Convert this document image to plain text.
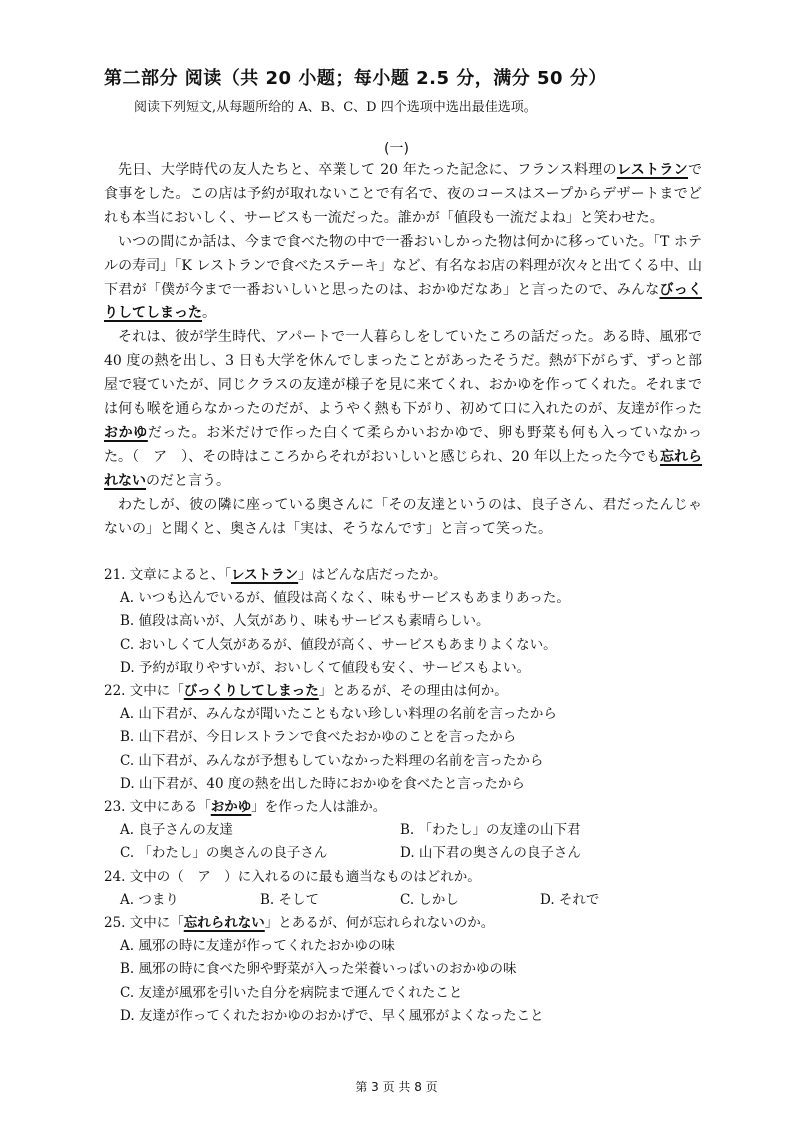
第二部分 阅读（共 20 小题；每小题 2.5 分，满分 50 分）
阅读下列短文,从每题所给的 A、B、C、D 四个选项中选出最佳选项。
(一)

先日、大学時代の友人たちと、卒業して 20 年たった記念に、フランス料理のレストランで食事をした。この店は予約が取れないことで有名で、夜のコースはスープからデザートまでどれも本当においしく、サービスも一流だった。誰かが「値段も一流だよね」と笑わせた。

いつの間にか話は、今まで食べた物の中で一番おいしかった物は何かに移っていた。「T ホテルの寿司」「K レストランで食べたステーキ」など、有名なお店の料理が次々と出てくる中、山下君が「僕が今まで一番おいしいと思ったのは、おかゆだなあ」と言ったので、みんなびっくりしてしまった。

それは、彼が学生時代、アパートで一人暮らしをしていたころの話だった。ある時、風邪で 40 度の熱を出し、3 日も大学を休んでしまったことがあったそうだ。熱が下がらず、ずっと部屋で寝ていたが、同じクラスの友達が様子を見に来てくれ、おかゆを作ってくれた。それまでは何も喉を通らなかったのだが、ようやく熱も下がり、初めて口に入れたのが、友達が作ったおかゆだった。お米だけで作った白くて柔らかいおかゆで、卵も野菜も何も入っていなかった。（　ア　）、その時はこころからそれがおいしいと感じられ、20 年以上たった今でも忘れられないのだと言う。

わたしが、彼の隣に座っている奥さんに「その友達というのは、良子さん、君だったんじゃないの」と聞くと、奥さんは「実は、そうなんです」と言って笑った。

21. 文章によると、「レストラン」はどんな店だったか。
A. いつも込んでいるが、値段は高くなく、味もサービスもあまりあった。
B. 値段は高いが、人気があり、味もサービスも素晴らしい。
C. おいしくて人気があるが、値段が高く、サービスもあまりよくない。
D. 予約が取りやすいが、おいしくて値段も安く、サービスもよい。
22. 文中に「びっくりしてしまった」とあるが、その理由は何か。
A. 山下君が、みんなが聞いたこともない珍しい料理の名前を言ったから
B. 山下君が、今日レストランで食べたおかゆのことを言ったから
C. 山下君が、みんなが予想もしていなかった料理の名前を言ったから
D. 山下君が、40 度の熱を出した時におかゆを食べたと言ったから
23. 文中にある「おかゆ」を作った人は誰か。
A. 良子さんの友達	B. 「わたし」の友達の山下君
C. 「わたし」の奥さんの良子さん	D. 山下君の奥さんの良子さん
24. 文中の（　ア　）に入れるのに最も適当なものはどれか。
A. つまり	B. そして	C. しかし	D. それで
25. 文中に「忘れられない」とあるが、何が忘れられないのか。
A. 風邪の時に友達が作ってくれたおかゆの味
B. 風邪の時に食べた卵や野菜が入った栄養いっぱいのおかゆの味
C. 友達が風邪を引いた自分を病院まで運んでくれたこと
D. 友達が作ってくれたおかゆのおかげで、早く風邪がよくなったこと
第 3 页 共 8 页
